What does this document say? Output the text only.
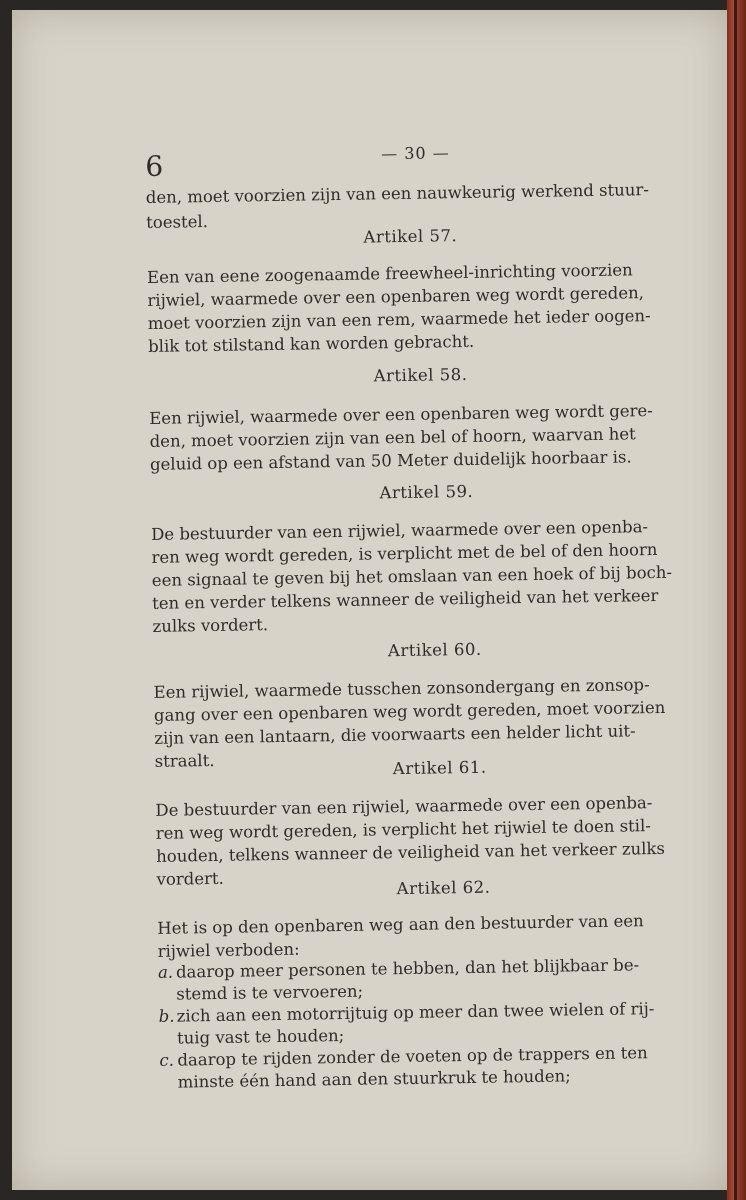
6	— 30 —
den, moet voorzien zijn van een nauwkeurig werkend stuur-
toestel.
Artikel 57.
Een van eene zoogenaamde freewheel-inrichting voorzien
rijwiel, waarmede over een openbaren weg wordt gereden,
moet voorzien zijn van een rem, waarmede het ieder oogen-
blik tot stilstand kan worden gebracht.
Artikel 58.
Een rijwiel, waarmede over een openbaren weg wordt gere-
den, moet voorzien zijn van een bel of hoorn, waarvan het
geluid op een afstand van 50 Meter duidelijk hoorbaar is.
Artikel 59.
De bestuurder van een rijwiel, waarmede over een openba-
ren weg wordt gereden, is verplicht met de bel of den hoorn
een signaal te geven bij het omslaan van een hoek of bij boch-
ten en verder telkens wanneer de veiligheid van het verkeer
zulks vordert.
Artikel 60.
Een rijwiel, waarmede tusschen zonsondergang en zonsop-
gang over een openbaren weg wordt gereden, moet voorzien
zijn van een lantaarn, die voorwaarts een helder licht uit-
straalt.	Artikel 61.
De bestuurder van een rijwiel, waarmede over een openba-
ren weg wordt gereden, is verplicht het rijwiel te doen stil-
houden, telkens wanneer de veiligheid van het verkeer zulks
vordert.	Artikel 62.
Het is op den openbaren weg aan den bestuurder van een
rijwiel verboden:
a. daarop meer personen te hebben, dan het blijkbaar be-
stemd is te vervoeren;
b. zich aan een motorrijtuig op meer dan twee wielen of rij-
tuig vast te houden;
c. daarop te rijden zonder de voeten op de trappers en ten
minste één hand aan den stuurkruk te houden;
